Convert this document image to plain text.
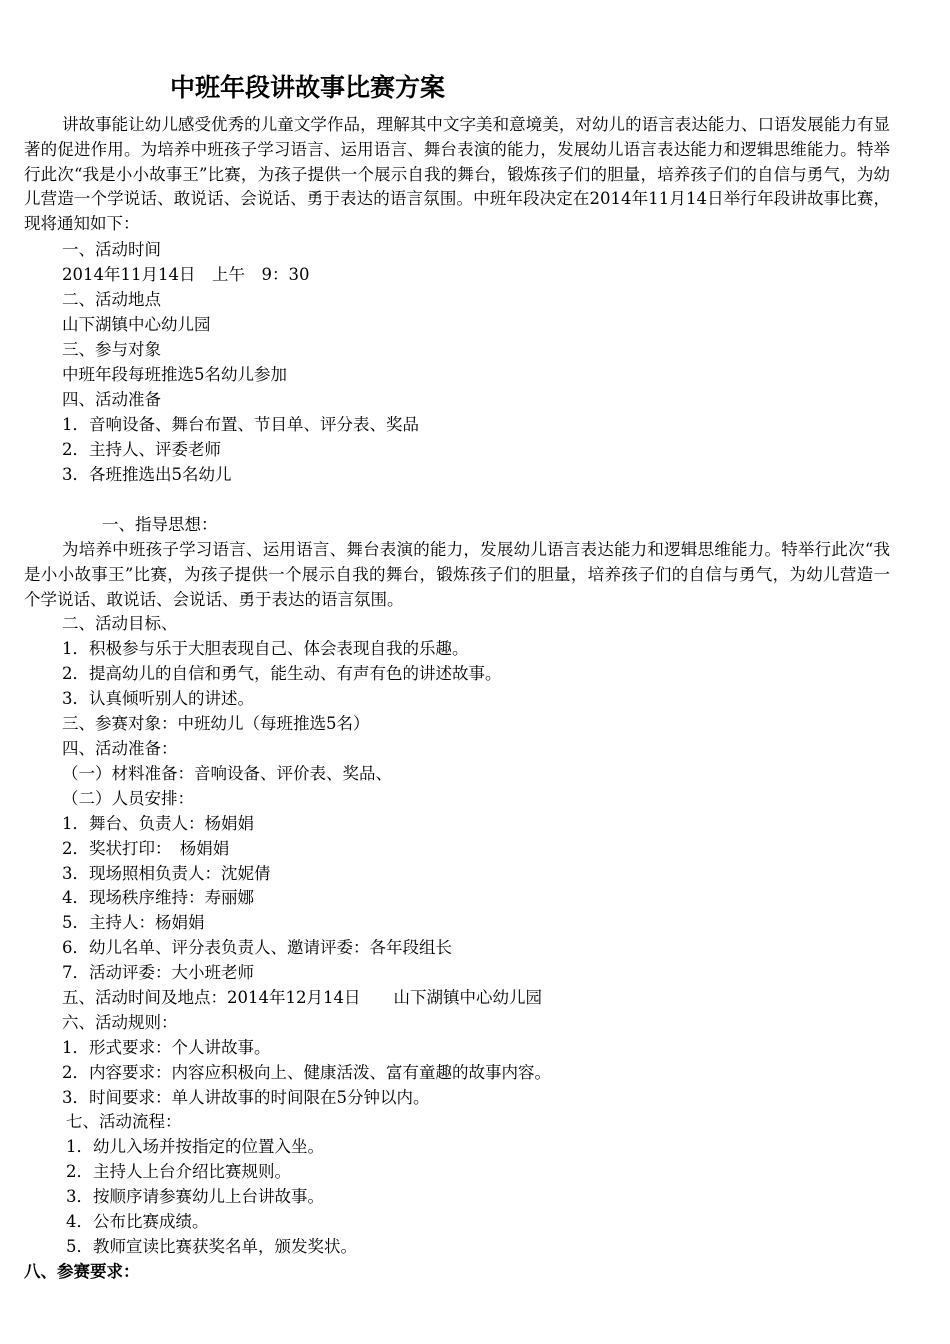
中班年段讲故事比赛方案
讲故事能让幼儿感受优秀的儿童文学作品，理解其中文字美和意境美，对幼儿的语言表达能力、口语发展能力有显著的促进作用。为培养中班孩子学习语言、运用语言、舞台表演的能力，发展幼儿语言表达能力和逻辑思维能力。特举行此次“我是小小故事王”比赛，为孩子提供一个展示自我的舞台，锻炼孩子们的胆量，培养孩子们的自信与勇气，为幼儿营造一个学说话、敢说话、会说话、勇于表达的语言氛围。中班年段决定在2014年11月14日举行年段讲故事比赛，现将通知如下：
一、活动时间
2014年11月14日　上午　9：30
二、活动地点
山下湖镇中心幼儿园
三、参与对象
中班年段每班推选5名幼儿参加
四、活动准备
1．音响设备、舞台布置、节目单、评分表、奖品
2．主持人、评委老师
3．各班推选出5名幼儿
一、指导思想：
为培养中班孩子学习语言、运用语言、舞台表演的能力，发展幼儿语言表达能力和逻辑思维能力。特举行此次“我是小小故事王”比赛，为孩子提供一个展示自我的舞台，锻炼孩子们的胆量，培养孩子们的自信与勇气，为幼儿营造一个学说话、敢说话、会说话、勇于表达的语言氛围。
二、活动目标、
1．积极参与乐于大胆表现自己、体会表现自我的乐趣。
2．提高幼儿的自信和勇气，能生动、有声有色的讲述故事。
3．认真倾听别人的讲述。
三、参赛对象：中班幼儿（每班推选5名）
四、活动准备：
（一）材料准备：音响设备、评价表、奖品、
（二）人员安排：
1．舞台、负责人：杨娟娟
2．奖状打印：　杨娟娟
3．现场照相负责人：沈妮倩
4．现场秩序维持：寿丽娜
5．主持人：杨娟娟
6．幼儿名单、评分表负责人、邀请评委：各年段组长
7．活动评委：大小班老师
五、活动时间及地点：2014年12月14日　　山下湖镇中心幼儿园
六、活动规则：
1．形式要求：个人讲故事。
2．内容要求：内容应积极向上、健康活泼、富有童趣的故事内容。
3．时间要求：单人讲故事的时间限在5分钟以内。
七、活动流程：
1．幼儿入场并按指定的位置入坐。
2．主持人上台介绍比赛规则。
3．按顺序请参赛幼儿上台讲故事。
4．公布比赛成绩。
5．教师宣读比赛获奖名单，颁发奖状。
八、参赛要求：
